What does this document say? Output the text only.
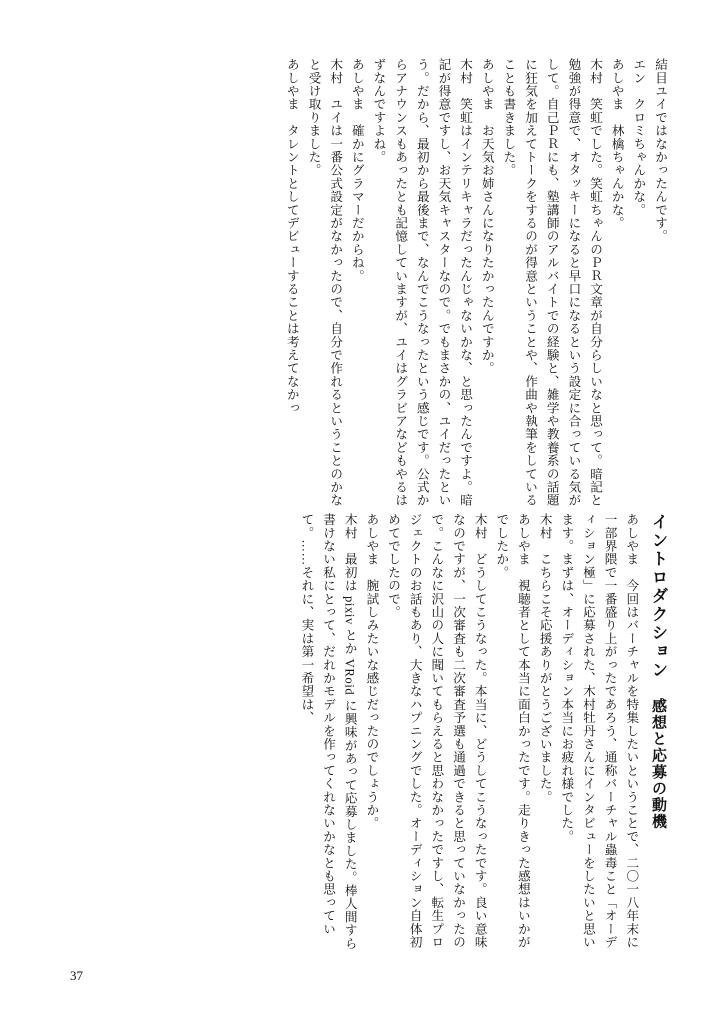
イントロダクション　感想と応募の動機
あしやま　今回はバーチャルを特集したいということで、二〇一八年末に一部界隈で一番盛り上がったであろう、通称バーチャル蟲毒こと「オーディション極」に応募された、木村牡丹さんにインタビューをしたいと思います。まずは、オーディション本当にお疲れ様でした。
木村　こちらこそ応援ありがとうございました。
あしやま　視聴者として本当に面白かったです。走りきった感想はいかがでしたか。
木村　どうしてこうなった。本当に、どうしてこうなったです。良い意味なのですが、一次審査も二次審査予選も通過できると思っていなかったので。こんなに沢山の人に聞いてもらえると思わなかったですし、転生プロジェクトのお話もあり、大きなハプニングでした。オーディション自体初めてでしたので。
あしやま　腕試しみたいな感じだったのでしょうか。
木村　最初は pixiv とか VRoid に興味があって応募しました。棒人間すら書けない私にとって、だれかモデルを作ってくれないかなとも思っていて。……それに、実は第一希望は、
結目ユイではなかったんです。
エン　クロミちゃんかな。
あしやま　林檎ちゃんかな。
木村　笑虹でした。笑虹ちゃんのＰＲ文章が自分らしいなと思って。暗記と勉強が得意で、オタッキーになると早口になるという設定に合っている気がして。自己ＰＲにも、塾講師のアルバイトでの経験と、雑学や教養系の話題に狂気を加えてトークをするのが得意ということや、作曲や執筆をしていることも書きました。
あしやま　お天気お姉さんになりたかったんですか。
木村　笑虹はインテリキャラだったんじゃないかな、と思ったんですよ。暗記が得意ですし、お天気キャスターなので。でもまさかの、ユイだったという。だから、最初から最後まで、なんでこうなったという感じです。公式からアナウンスもあったとも記憶していますが、ユイはグラビアなどもやるはずなんですよね。
あしやま　確かにグラマーだからね。
木村　ユイは一番公式設定がなかったので、自分で作れるということのかなと受け取りました。
あしやま　タレントとしてデビューすることは考えてなかっ
37
